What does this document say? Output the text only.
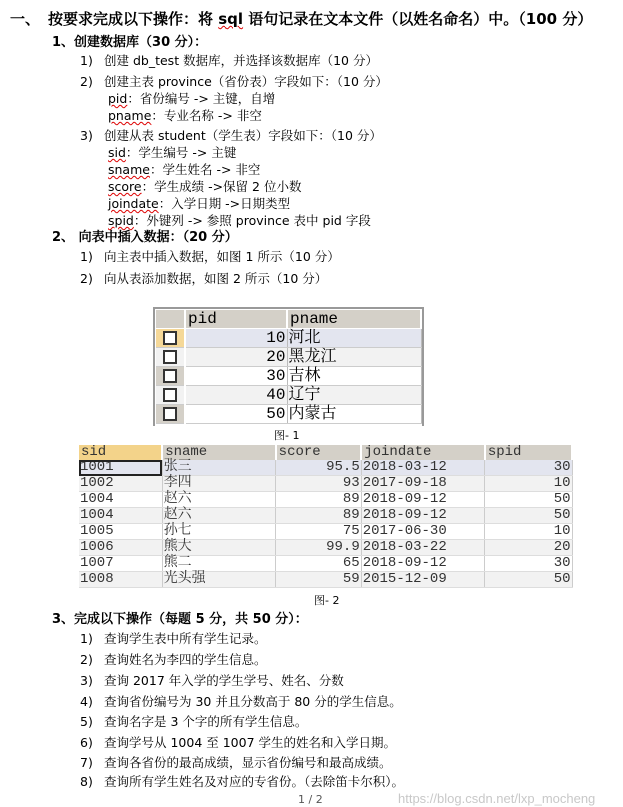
一、 按要求完成以下操作：将 sql 语句记录在文本文件（以姓名命名）中。（100 分）
1、创建数据库（30 分）：
1) 创建 db_test 数据库，并选择该数据库（10 分）
2) 创建主表 province（省份表）字段如下：（10 分）
pid：省份编号 -> 主键，自增
pname：专业名称 -> 非空
3) 创建从表 student（学生表）字段如下：（10 分）
sid：学生编号 -> 主键
sname：学生姓名 -> 非空
score：学生成绩 ->保留 2 位小数
joindate：入学日期 ->日期类型
spid：外键列 -> 参照 province 表中 pid 字段
2、 向表中插入数据：（20 分）
1) 向主表中插入数据，如图 1 所示（10 分）
2) 向从表添加数据，如图 2 所示（10 分）
	pid	pname
	10	河北
	20	黑龙江
	30	吉林
	40	辽宁
	50	内蒙古
图- 1
sid	sname	score	joindate	spid
1001	张三	95.5	2018-03-12	30
1002	李四	93	2017-09-18	10
1004	赵六	89	2018-09-12	50
1004	赵六	89	2018-09-12	50
1005	孙七	75	2017-06-30	10
1006	熊大	99.9	2018-03-22	20
1007	熊二	65	2018-09-12	30
1008	光头强	59	2015-12-09	50
图- 2
3、完成以下操作（每题 5 分，共 50 分）：
1) 查询学生表中所有学生记录。
2) 查询姓名为李四的学生信息。
3) 查询 2017 年入学的学生学号、姓名、分数
4) 查询省份编号为 30 并且分数高于 80 分的学生信息。
5) 查询名字是 3 个字的所有学生信息。
6) 查询学号从 1004 至 1007 学生的姓名和入学日期。
7) 查询各省份的最高成绩，显示省份编号和最高成绩。
8) 查询所有学生姓名及对应的专省份。（去除笛卡尔积）。
https://blog.csdn.net/lxp_mocheng
1 / 2
